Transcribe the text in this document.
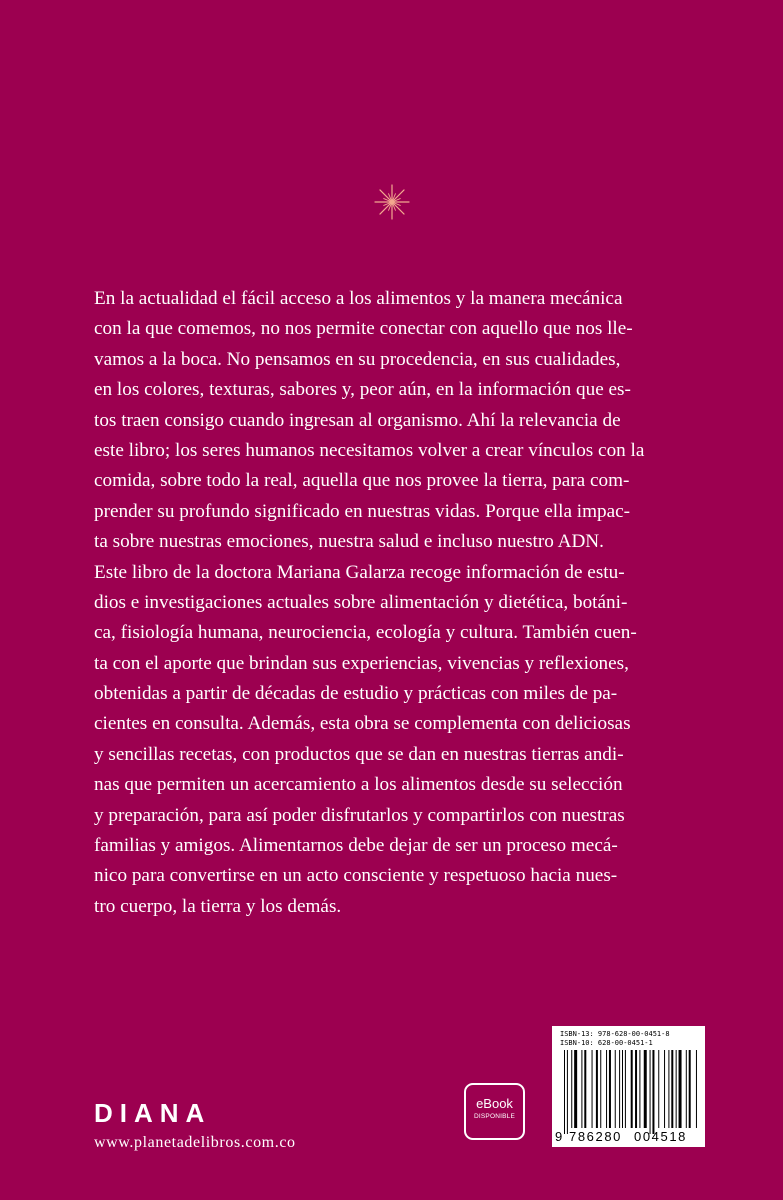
En la actualidad el fácil acceso a los alimentos y la manera mecánica
con la que comemos, no nos permite conectar con aquello que nos lle-
vamos a la boca. No pensamos en su procedencia, en sus cualidades,
en los colores, texturas, sabores y, peor aún, en la información que es-
tos traen consigo cuando ingresan al organismo. Ahí la relevancia de
este libro; los seres humanos necesitamos volver a crear vínculos con la
comida, sobre todo la real, aquella que nos provee la tierra, para com-
prender su profundo significado en nuestras vidas. Porque ella impac-
ta sobre nuestras emociones, nuestra salud e incluso nuestro ADN.
Este libro de la doctora Mariana Galarza recoge información de estu-
dios e investigaciones actuales sobre alimentación y dietética, botáni-
ca, fisiología humana, neurociencia, ecología y cultura. También cuen-
ta con el aporte que brindan sus experiencias, vivencias y reflexiones,
obtenidas a partir de décadas de estudio y prácticas con miles de pa-
cientes en consulta. Además, esta obra se complementa con deliciosas
y sencillas recetas, con productos que se dan en nuestras tierras andi-
nas que permiten un acercamiento a los alimentos desde su selección
y preparación, para así poder disfrutarlos y compartirlos con nuestras
familias y amigos. Alimentarnos debe dejar de ser un proceso mecá-
nico para convertirse en un acto consciente y respetuoso hacia nues-
tro cuerpo, la tierra y los demás.
DIANA
www.planetadelibros.com.co
eBook
DISPONIBLE
ISBN-13: 978-628-00-0451-8
ISBN-10: 628-00-0451-1
9 786280 004518
